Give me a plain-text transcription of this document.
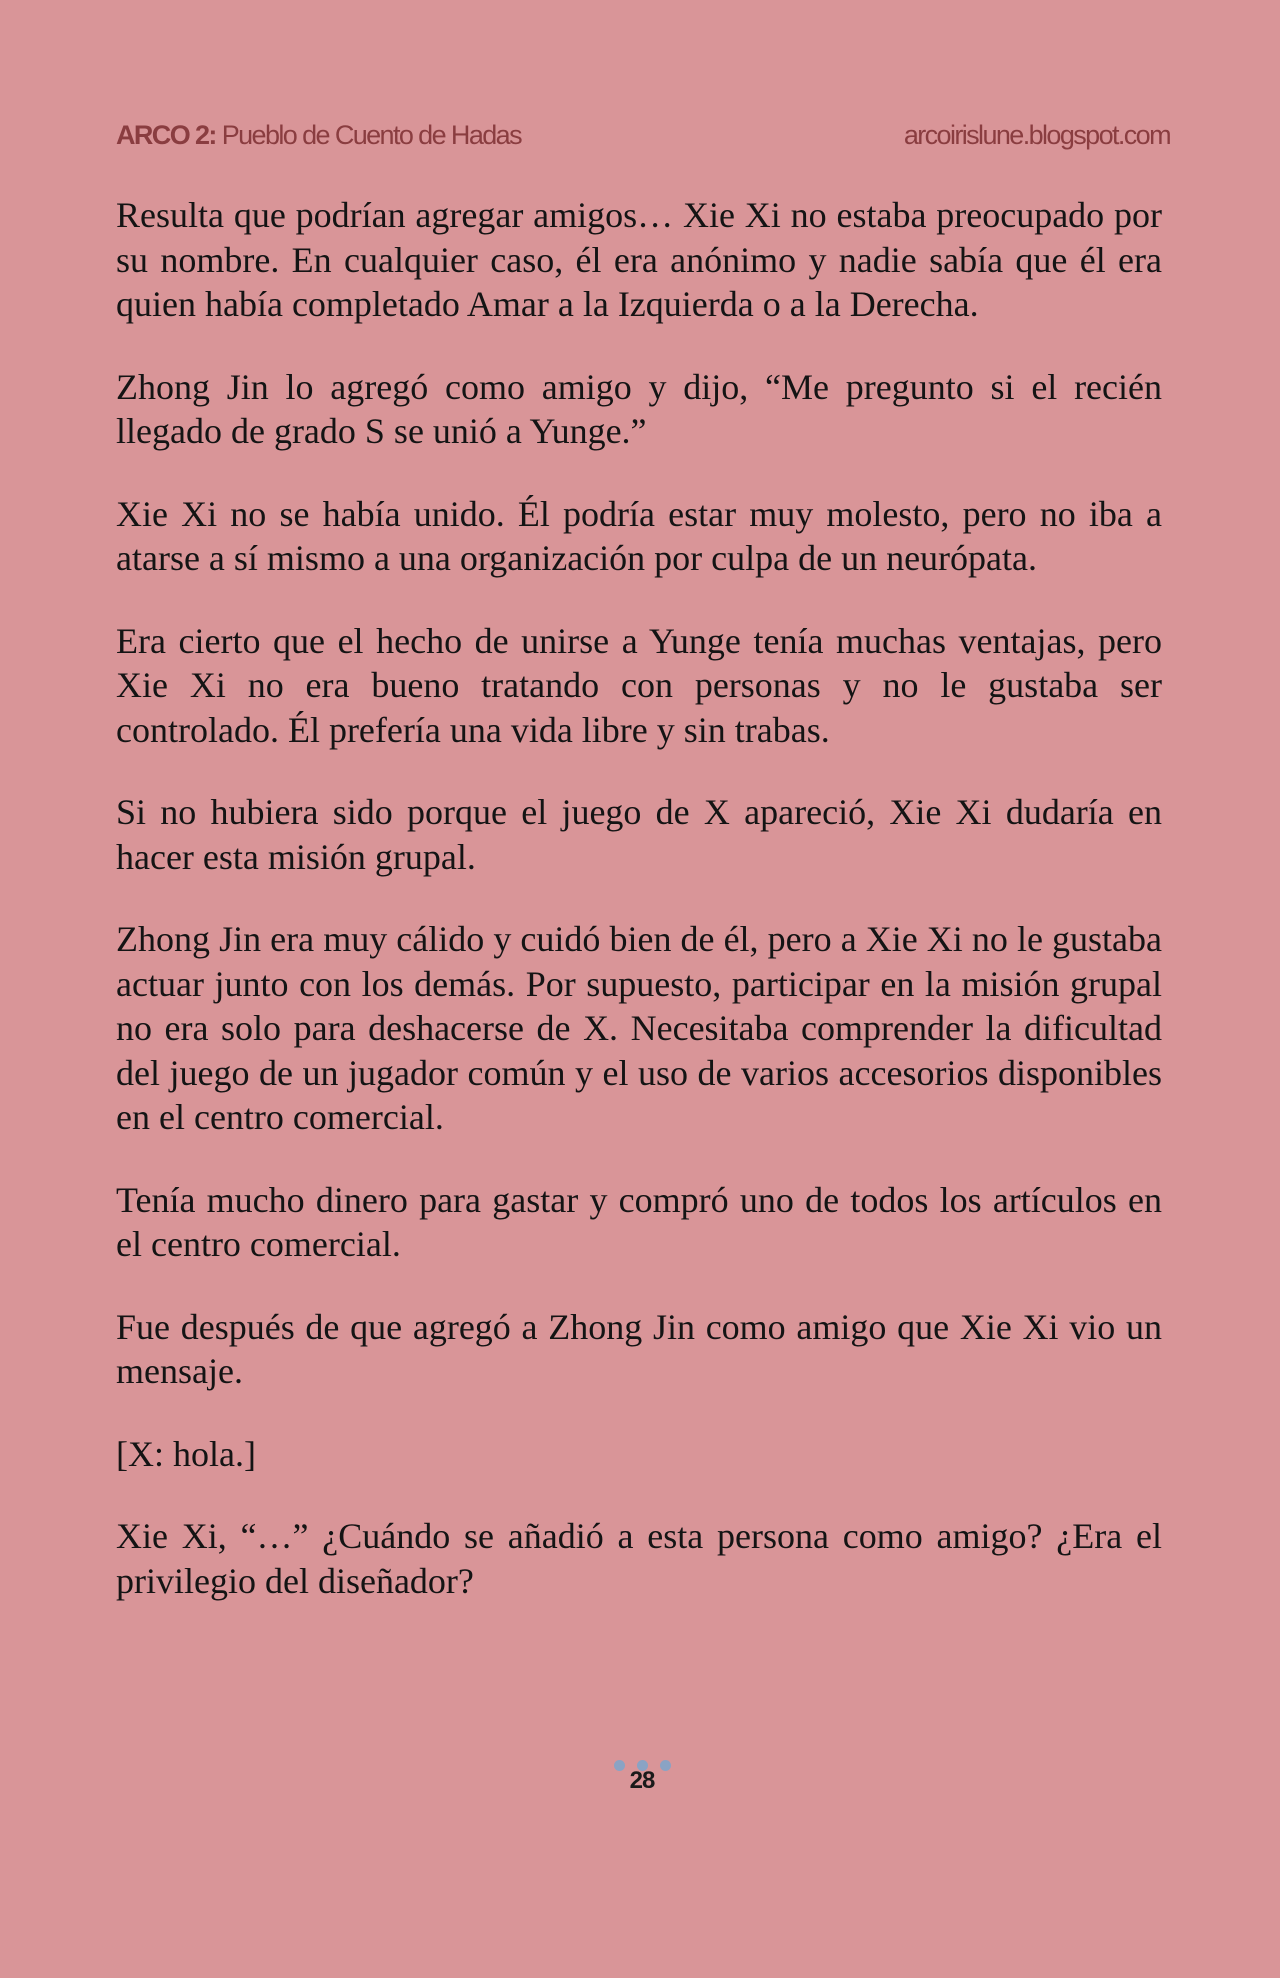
ARCO 2: Pueblo de Cuento de Hadas	arcoirislune.blogspot.com

Resulta que podrían agregar amigos… Xie Xi no estaba preocupado por su nombre. En cualquier caso, él era anónimo y nadie sabía que él era quien había completado Amar a la Izquierda o a la Derecha.

Zhong Jin lo agregó como amigo y dijo, “Me pregunto si el recién llegado de grado S se unió a Yunge.”

Xie Xi no se había unido. Él podría estar muy molesto, pero no iba a atarse a sí mismo a una organización por culpa de un neurópata.

Era cierto que el hecho de unirse a Yunge tenía muchas ventajas, pero Xie Xi no era bueno tratando con personas y no le gustaba ser controlado. Él prefería una vida libre y sin trabas.

Si no hubiera sido porque el juego de X apareció, Xie Xi dudaría en hacer esta misión grupal.

Zhong Jin era muy cálido y cuidó bien de él, pero a Xie Xi no le gustaba actuar junto con los demás. Por supuesto, participar en la misión grupal no era solo para deshacerse de X. Necesitaba comprender la dificultad del juego de un jugador común y el uso de varios accesorios disponibles en el centro comercial.

Tenía mucho dinero para gastar y compró uno de todos los artículos en el centro comercial.

Fue después de que agregó a Zhong Jin como amigo que Xie Xi vio un mensaje.

[X: hola.]

Xie Xi, “…” ¿Cuándo se añadió a esta persona como amigo? ¿Era el privilegio del diseñador?

28
